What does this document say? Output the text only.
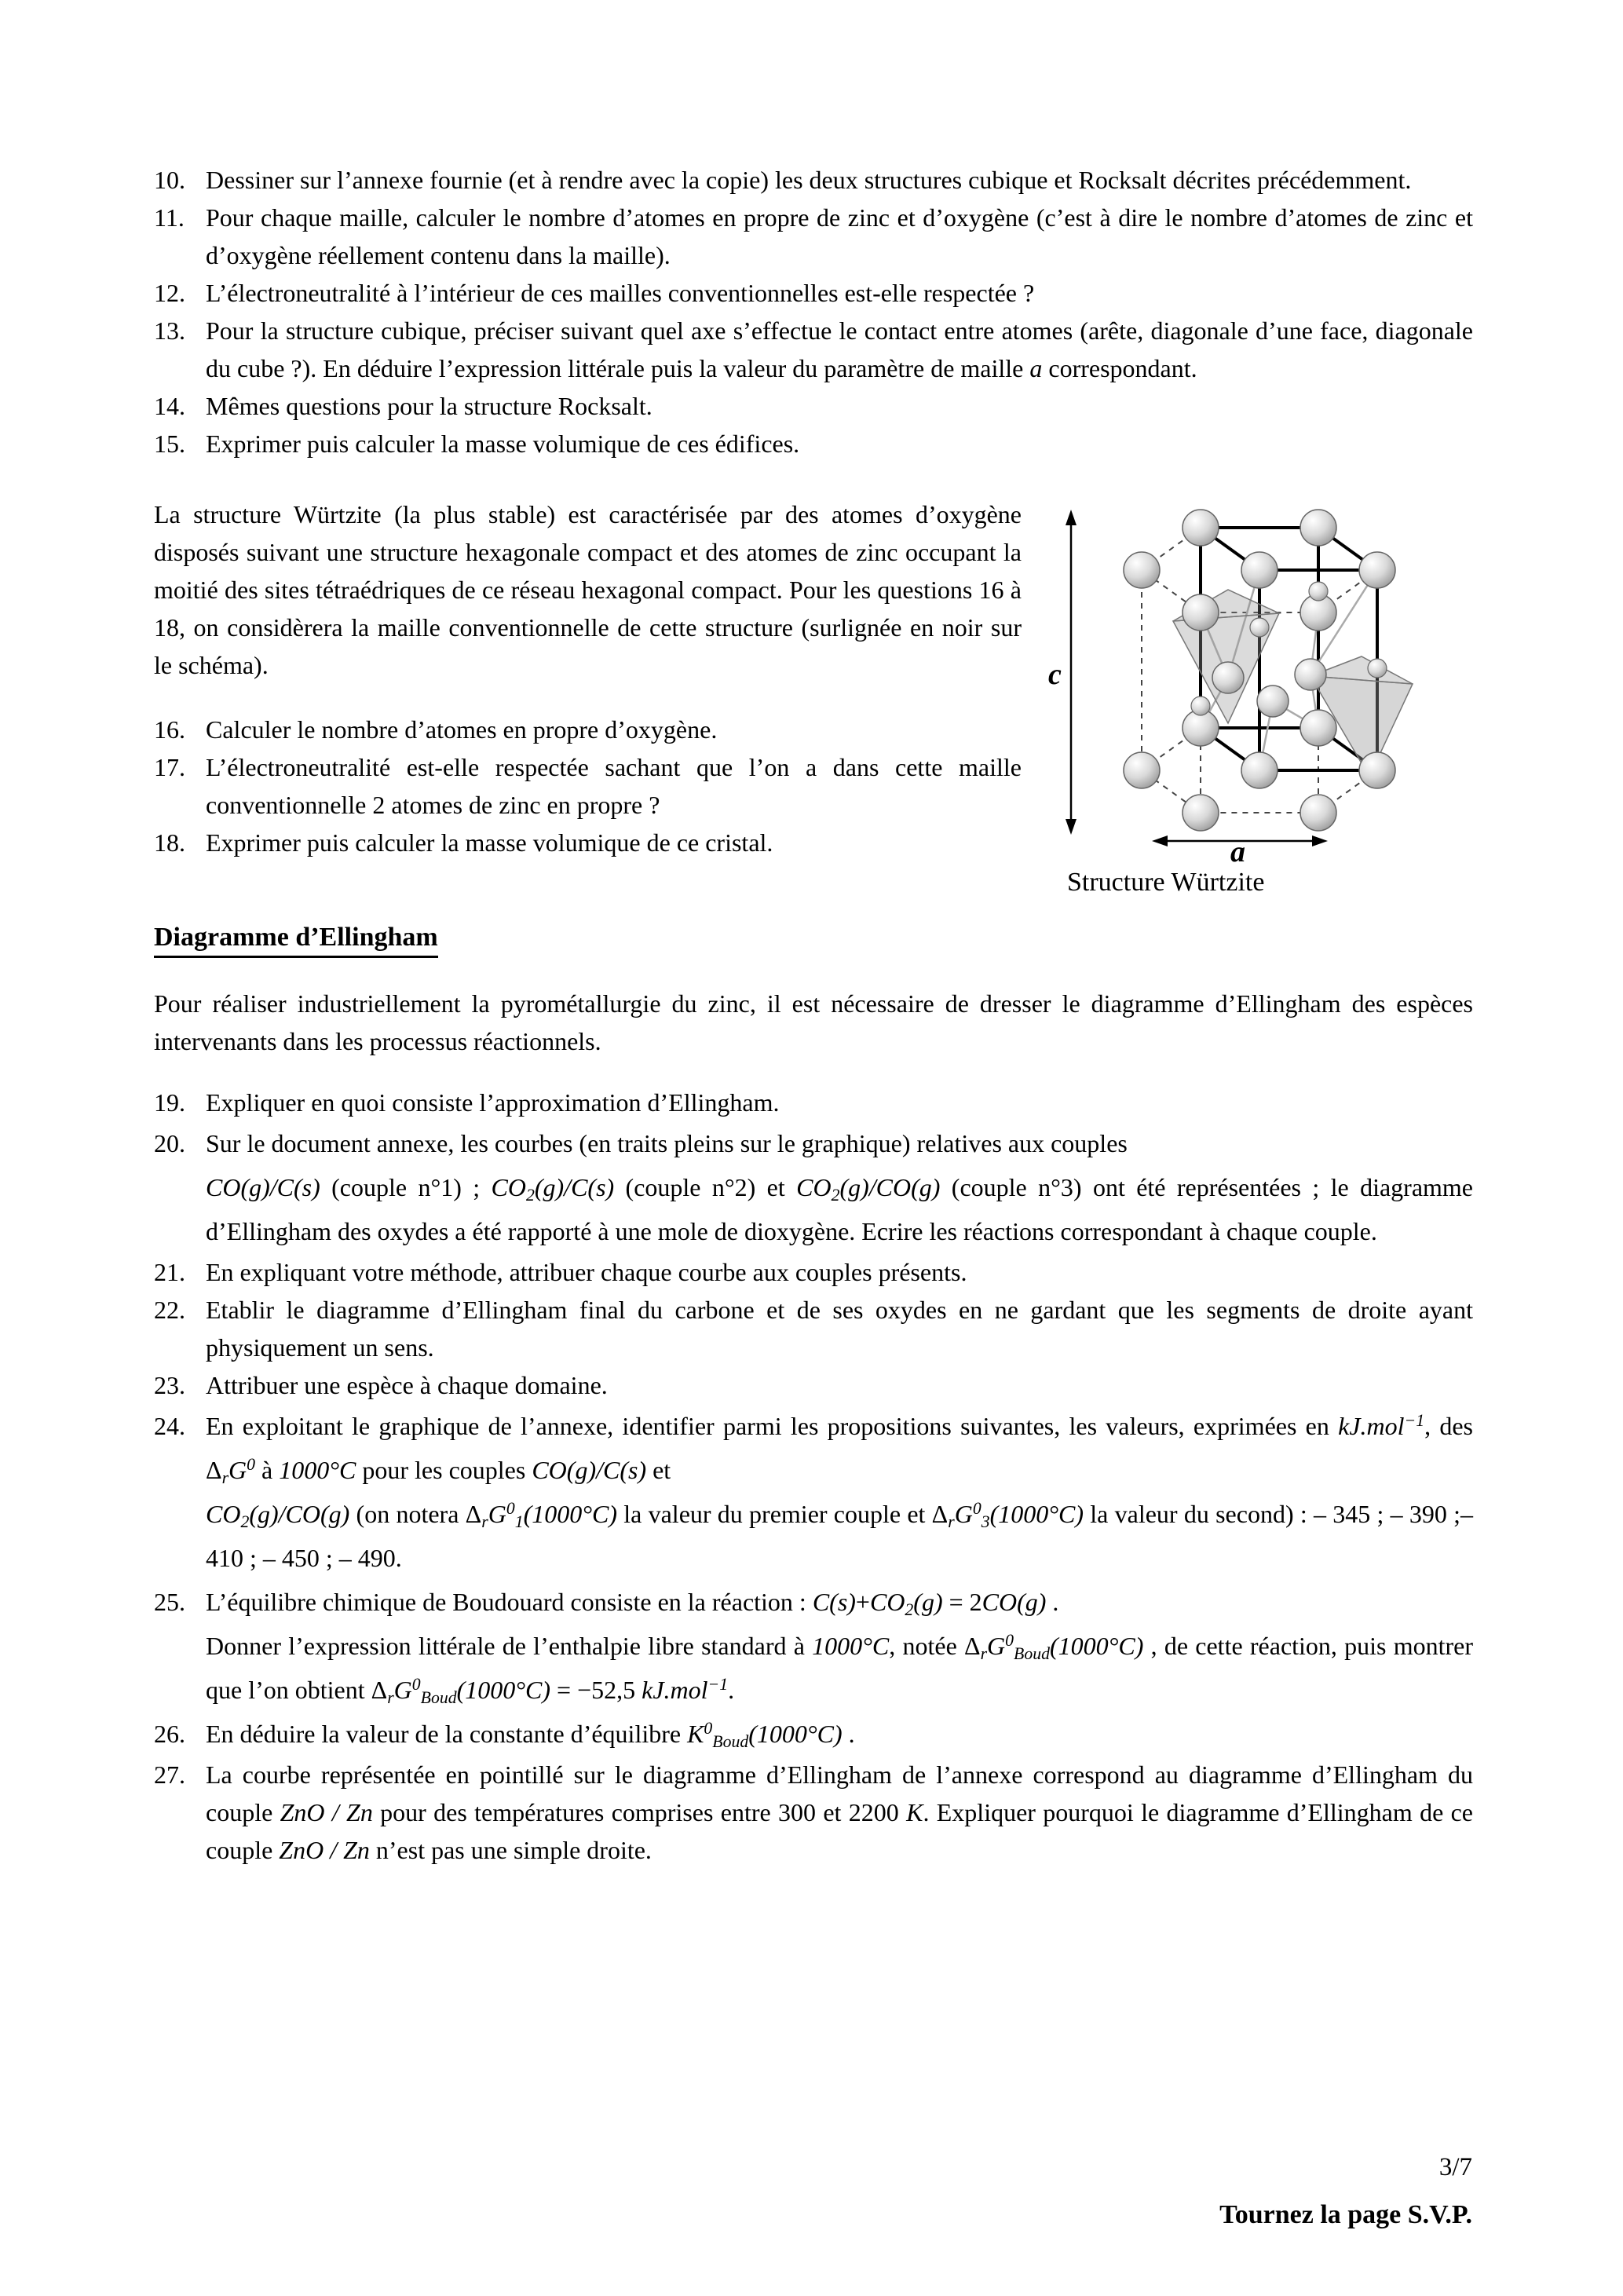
10. Dessiner sur l’annexe fournie (et à rendre avec la copie) les deux structures cubique et Rocksalt décrites précédemment.
11. Pour chaque maille, calculer le nombre d’atomes en propre de zinc et d’oxygène (c’est à dire le nombre d’atomes de zinc et d’oxygène réellement contenu dans la maille).
12. L’électroneutralité à l’intérieur de ces mailles conventionnelles est-elle respectée ?
13. Pour la structure cubique, préciser suivant quel axe s’effectue le contact entre atomes (arête, diagonale d’une face, diagonale du cube ?). En déduire l’expression littérale puis la valeur du paramètre de maille a correspondant.
14. Mêmes questions pour la structure Rocksalt.
15. Exprimer puis calculer la masse volumique de ces édifices.

La structure Würtzite (la plus stable) est caractérisée par des atomes d’oxygène disposés suivant une structure hexagonale compact et des atomes de zinc occupant la moitié des sites tétraédriques de ce réseau hexagonal compact. Pour les questions 16 à 18, on considèrera la maille conventionnelle de cette structure (surlignée en noir sur le schéma).

16. Calculer le nombre d’atomes en propre d’oxygène.
17. L’électroneutralité est-elle respectée sachant que l’on a dans cette maille conventionnelle 2 atomes de zinc en propre ?
18. Exprimer puis calculer la masse volumique de ce cristal.
c
a
Structure Würtzite
Diagramme d’Ellingham

Pour réaliser industriellement la pyrométallurgie du zinc, il est nécessaire de dresser le diagramme d’Ellingham des espèces intervenants dans les processus réactionnels.

19. Expliquer en quoi consiste l’approximation d’Ellingham.
20. Sur le document annexe, les courbes (en traits pleins sur le graphique) relatives aux couples
CO(g)/C(s) (couple n°1) ; $CO_2(g)/C(s)$ (couple n°2) et $CO_2(g)/CO(g)$ (couple n°3) ont été représentées ; le diagramme d’Ellingham des oxydes a été rapporté à une mole de dioxygène. Ecrire les réactions correspondant à chaque couple.
21. En expliquant votre méthode, attribuer chaque courbe aux couples présents.
22. Etablir le diagramme d’Ellingham final du carbone et de ses oxydes en ne gardant que les segments de droite ayant physiquement un sens.
23. Attribuer une espèce à chaque domaine.
24. En exploitant le graphique de l’annexe, identifier parmi les propositions suivantes, les valeurs, exprimées en kJ.mol$^{-1}$, des $\Delta_rG^0$ à 1000°C pour les couples CO(g)/C(s) et
$CO_2(g)/CO(g)$ (on notera $\Delta_rG^0_1(1000^\circ C)$ la valeur du premier couple et $\Delta_rG^0_3(1000^\circ C)$ la valeur du second) : – 345 ; – 390 ;– 410 ; – 450 ; – 490.
25. L’équilibre chimique de Boudouard consiste en la réaction : $C(s)+CO_2(g) = 2CO(g)$ .
Donner l’expression littérale de l’enthalpie libre standard à 1000°C, notée $\Delta_rG^0_{Boud}(1000^\circ C)$ , de cette réaction, puis montrer que l’on obtient $\Delta_rG^0_{Boud}(1000^\circ C) = -52,5$ kJ.mol$^{-1}$.
26. En déduire la valeur de la constante d’équilibre $K^0_{Boud}(1000^\circ C)$ .
27. La courbe représentée en pointillé sur le diagramme d’Ellingham de l’annexe correspond au diagramme d’Ellingham du couple ZnO / Zn pour des températures comprises entre 300 et 2200 K. Expliquer pourquoi le diagramme d’Ellingham de ce couple ZnO / Zn n’est pas une simple droite.
3/7
Tournez la page S.V.P.
